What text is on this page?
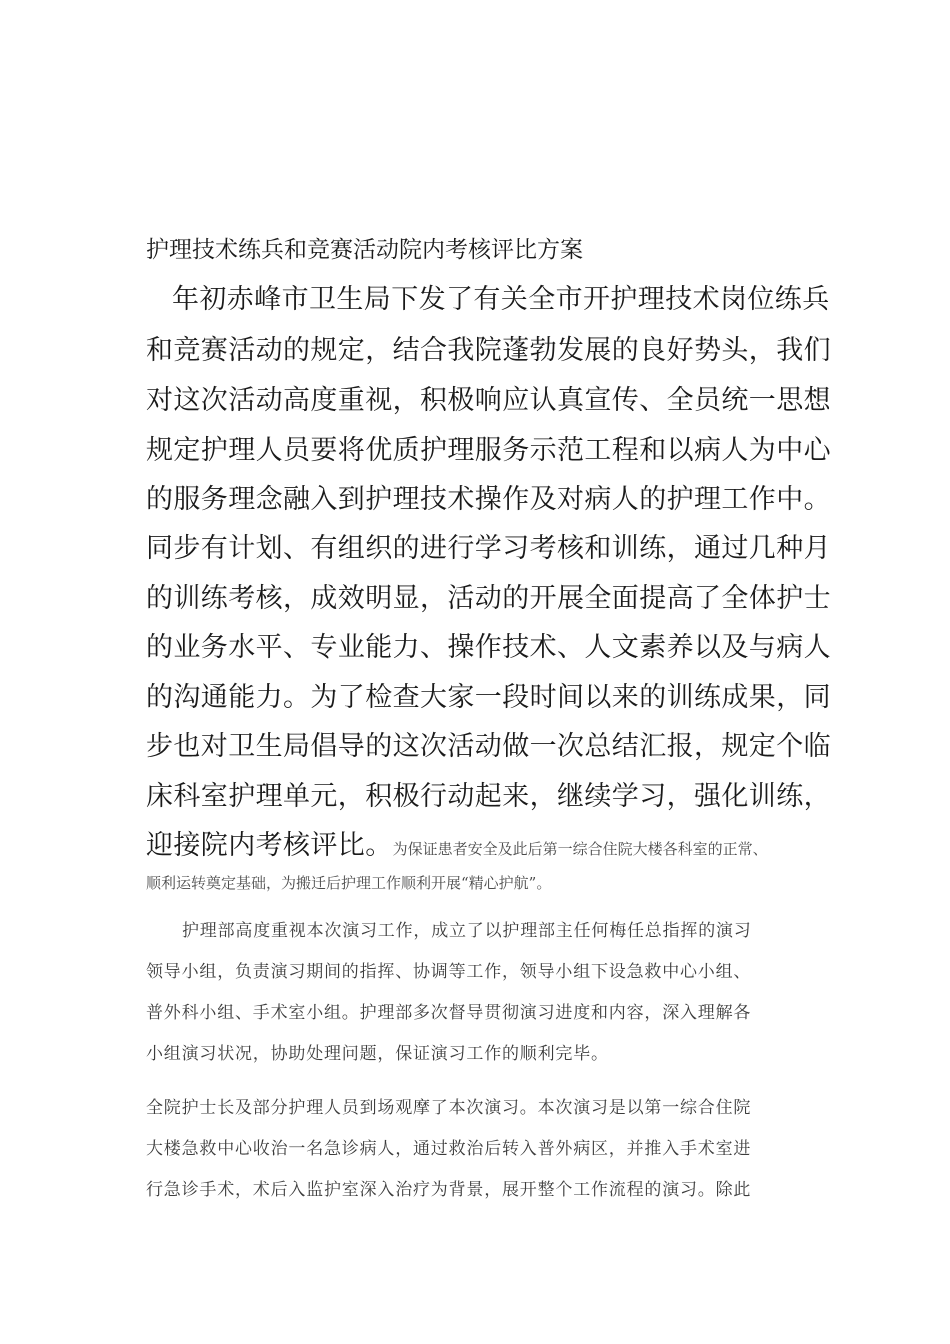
护理技术练兵和竞赛活动院内考核评比方案
年初赤峰市卫生局下发了有关全市开护理技术岗位练兵
和竞赛活动的规定，结合我院蓬勃发展的良好势头，我们
对这次活动高度重视，积极响应认真宣传、全员统一思想
规定护理人员要将优质护理服务示范工程和以病人为中心
的服务理念融入到护理技术操作及对病人的护理工作中。
同步有计划、有组织的进行学习考核和训练，通过几种月
的训练考核，成效明显，活动的开展全面提高了全体护士
的业务水平、专业能力、操作技术、人文素养以及与病人
的沟通能力。为了检查大家一段时间以来的训练成果，同
步也对卫生局倡导的这次活动做一次总结汇报，规定个临
床科室护理单元，积极行动起来，继续学习，强化训练，
迎接院内考核评比。为保证患者安全及此后第一综合住院大楼各科室的正常、
顺利运转奠定基础，为搬迁后护理工作顺利开展“精心护航”。
护理部高度重视本次演习工作，成立了以护理部主任何梅任总指挥的演习
领导小组，负责演习期间的指挥、协调等工作，领导小组下设急救中心小组、
普外科小组、手术室小组。护理部多次督导贯彻演习进度和内容，深入理解各
小组演习状况，协助处理问题，保证演习工作的顺利完毕。
全院护士长及部分护理人员到场观摩了本次演习。本次演习是以第一综合住院
大楼急救中心收治一名急诊病人，通过救治后转入普外病区，并推入手术室进
行急诊手术，术后入监护室深入治疗为背景，展开整个工作流程的演习。除此
